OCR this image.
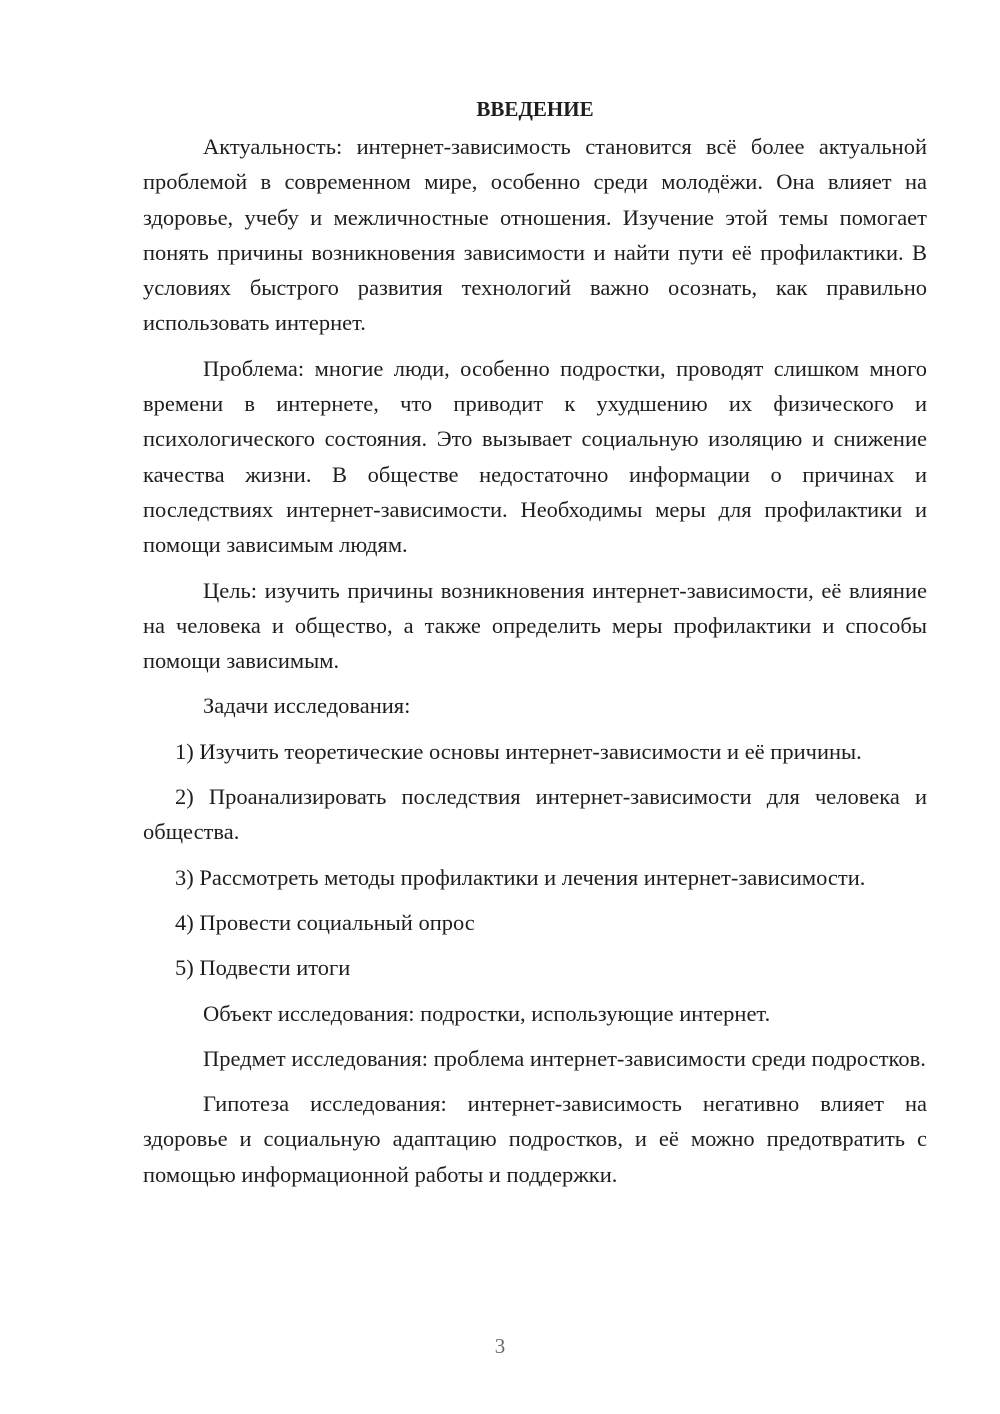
ВВЕДЕНИЕ

Актуальность: интернет-зависимость становится всё более актуальной проблемой в современном мире, особенно среди молодёжи. Она влияет на здоровье, учебу и межличностные отношения. Изучение этой темы помогает понять причины возникновения зависимости и найти пути её профилактики. В условиях быстрого развития технологий важно осознать, как правильно использовать интернет.

Проблема: многие люди, особенно подростки, проводят слишком много времени в интернете, что приводит к ухудшению их физического и психологического состояния. Это вызывает социальную изоляцию и снижение качества жизни. В обществе недостаточно информации о причинах и последствиях интернет-зависимости. Необходимы меры для профилактики и помощи зависимым людям.

Цель: изучить причины возникновения интернет-зависимости, её влияние на человека и общество, а также определить меры профилактики и способы помощи зависимым.

Задачи исследования:

1) Изучить теоретические основы интернет-зависимости и её причины.

2) Проанализировать последствия интернет-зависимости для человека и общества.

3) Рассмотреть методы профилактики и лечения интернет-зависимости.

4) Провести социальный опрос

5) Подвести итоги

Объект исследования: подростки, использующие интернет.

Предмет исследования: проблема интернет-зависимости среди подростков.

Гипотеза исследования: интернет-зависимость негативно влияет на здоровье и социальную адаптацию подростков, и её можно предотвратить с помощью информационной работы и поддержки.

3
